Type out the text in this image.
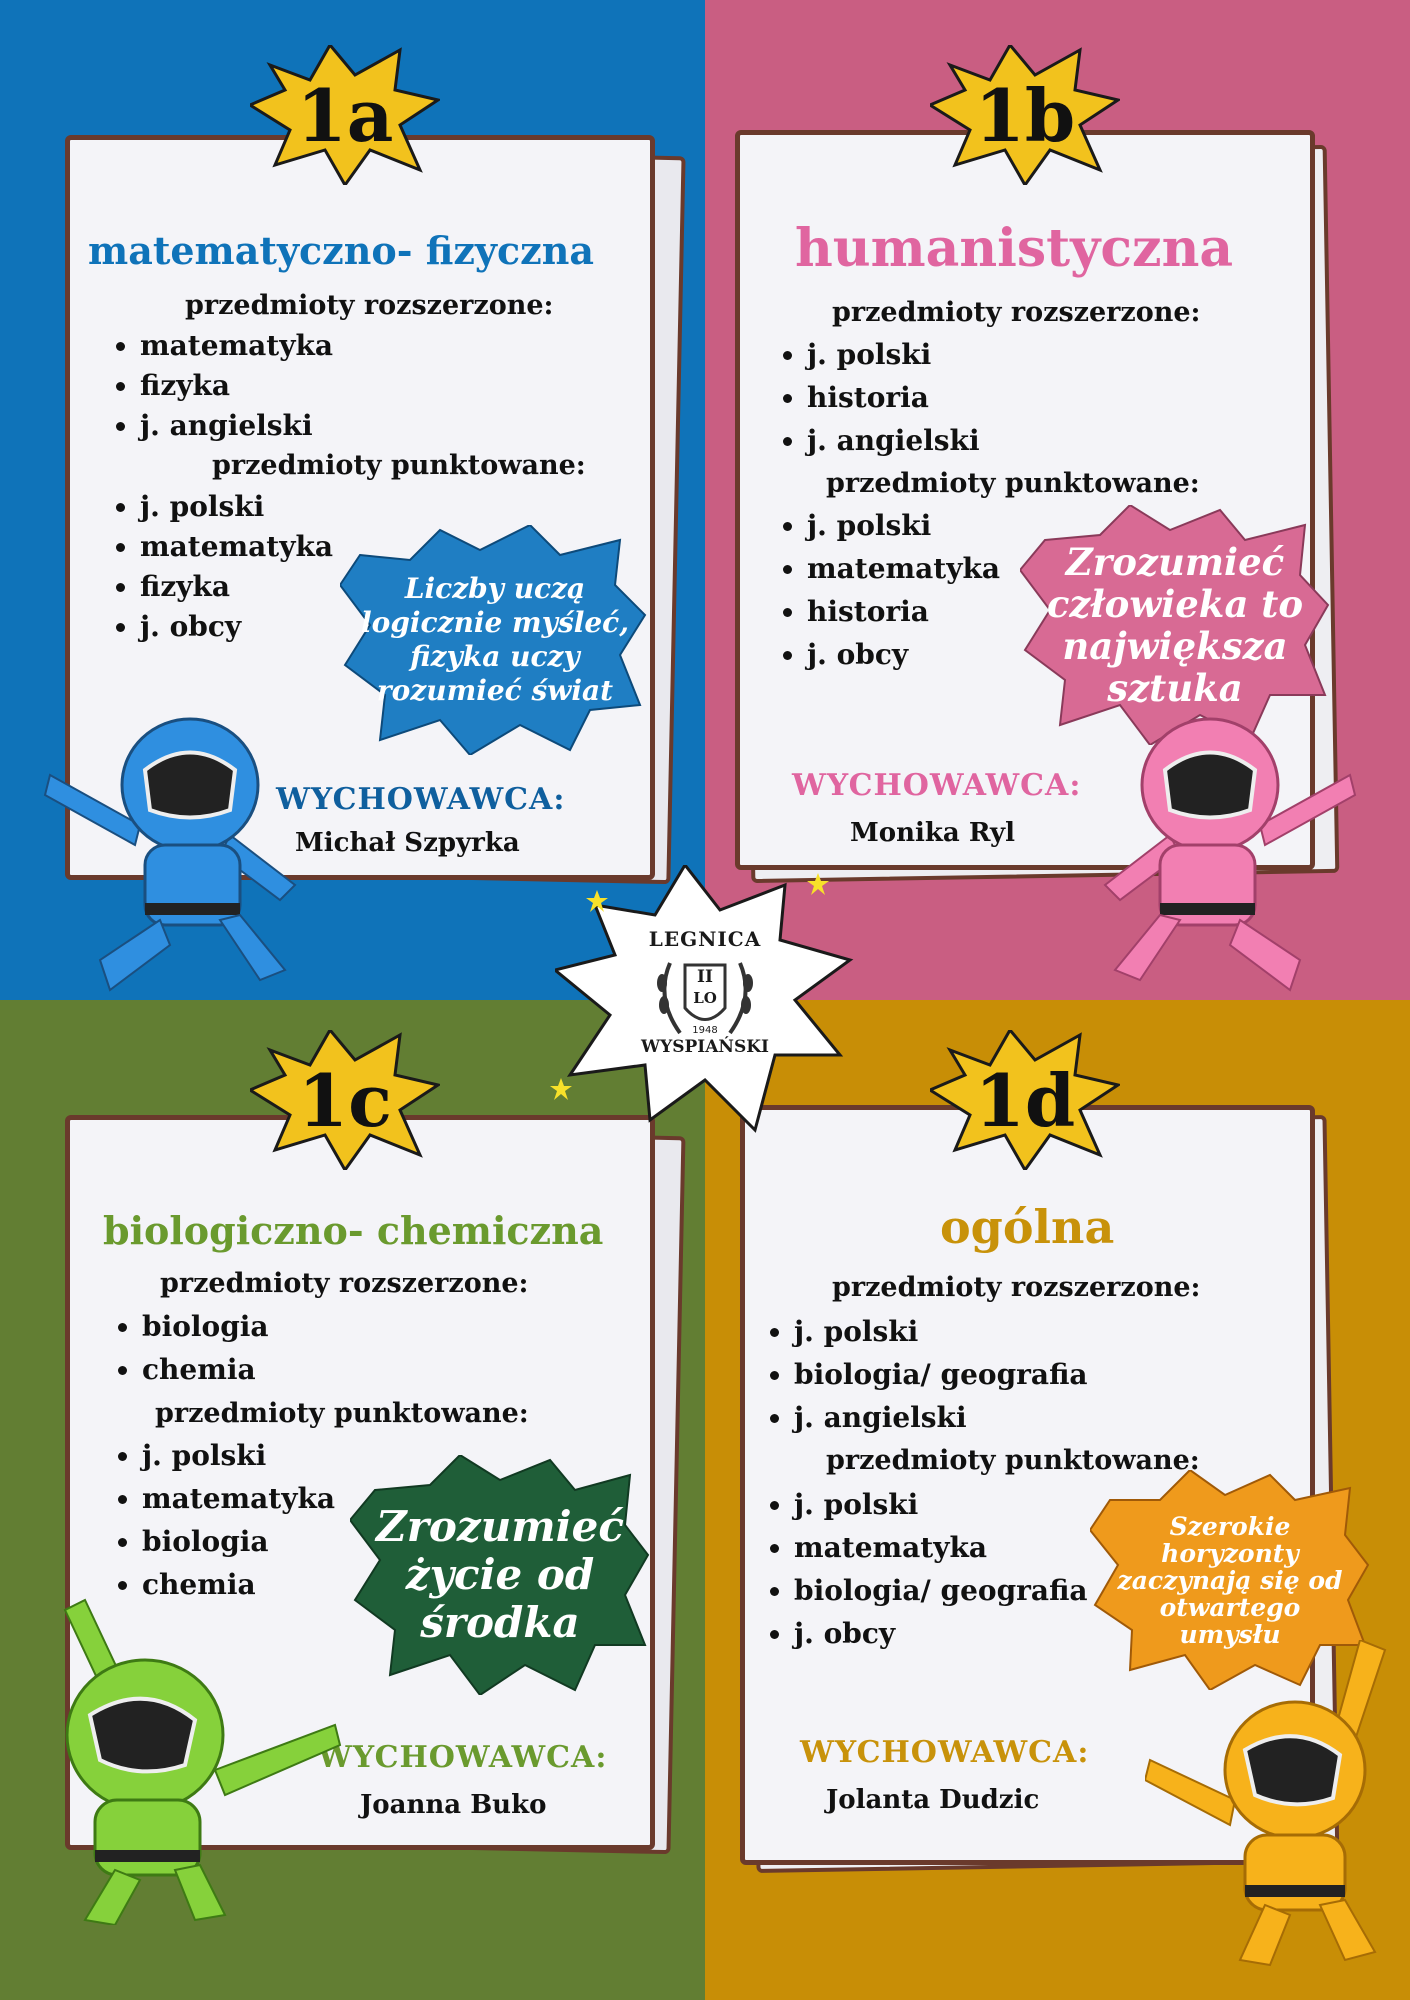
1a
matematyczno- fizyczna
przedmioty rozszerzone:
• matematyka
• fizyka
• j. angielski
przedmioty punktowane:
• j. polski
• matematyka
• fizyka
• j. obcy
Liczby uczą
logicznie myśleć,
fizyka uczy
rozumieć świat
WYCHOWAWCA:
Michał Szpyrka
1b
humanistyczna
przedmioty rozszerzone:
• j. polski
• historia
• j. angielski
przedmioty punktowane:
• j. polski
• matematyka
• historia
• j. obcy
Zrozumieć
człowieka to
największa
sztuka
WYCHOWAWCA:
Monika Ryl
1c
biologiczno- chemiczna
przedmioty rozszerzone:
• biologia
• chemia
przedmioty punktowane:
• j. polski
• matematyka
• biologia
• chemia
Zrozumieć
życie od
środka
WYCHOWAWCA:
Joanna Buko
1d
ogólna
przedmioty rozszerzone:
• j. polski
• biologia/ geografia
• j. angielski
przedmioty punktowane:
• j. polski
• matematyka
• biologia/ geografia
• j. obcy
Szerokie
horyzonty
zaczynają się od
otwartego
umysłu
WYCHOWAWCA:
Jolanta Dudzic
LEGNICA
II
LO
1948
WYSPIAŃSKI
